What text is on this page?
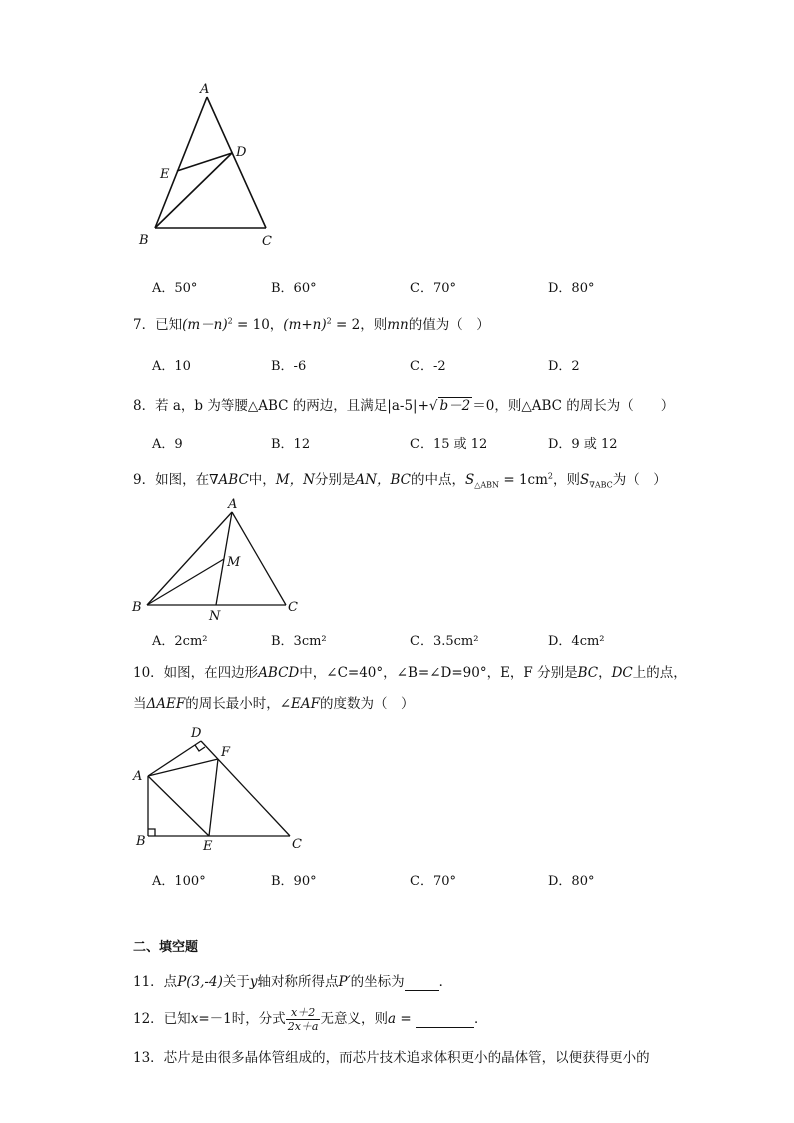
A
D
E
B	C
A．50°	B．60°	C．70°	D．80°
7．已知$(m-n)^2 = 10$，$(m+n)^2 = 2$，则mn的值为（　）
A．10	B．-6	C．-2	D．2
8．若 a，b 为等腰△ABC 的两边，且满足|a-5|+√ b－2 ＝0，则△ABC 的周长为（　　）
A．9	B．12	C．15 或 12	D．9 或 12
9．如图，在∇ABC中，M，N分别是AN，BC的中点，$S_{\triangle ABN} = 1cm^2$，则$S_{\nabla ABC}$为（　）
A
M
B
N
C
A．2cm²	B．3cm²	C．3.5cm²	D．4cm²
10．如图，在四边形ABCD中，∠C=40°，∠B=∠D=90°，E，F 分别是BC，DC上的点，
当ΔAEF的周长最小时，∠EAF的度数为（　）
D
F
A
B	E	C
A．100°	B．90°	C．70°	D．80°
二、填空题
11．点P(3,-4)关于y轴对称所得点P′的坐标为	．
12．已知x=－1时，分式 $\frac{x+2}{2x+a}$ 无意义，则a =	．
13．芯片是由很多晶体管组成的，而芯片技术追求体积更小的晶体管，以便获得更小的
